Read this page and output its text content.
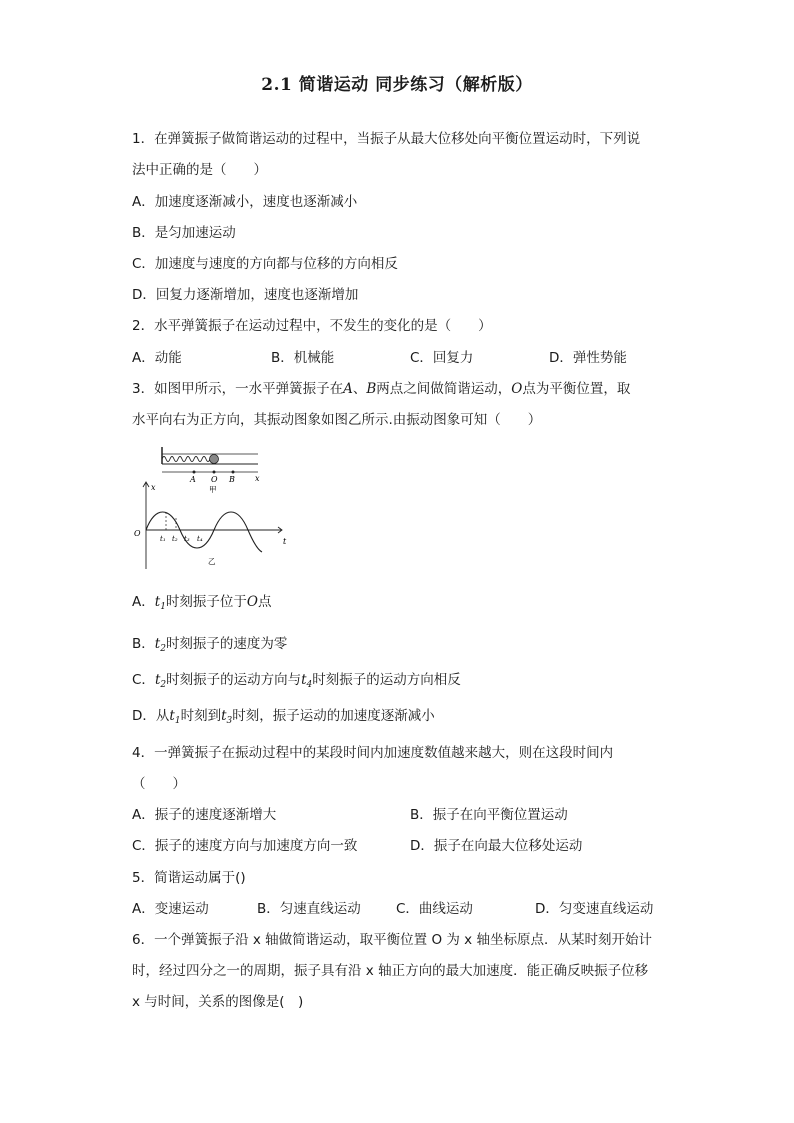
2.1 简谐运动 同步练习（解析版）
1．在弹簧振子做简谐运动的过程中，当振子从最大位移处向平衡位置运动时，下列说
法中正确的是（　　）
A．加速度逐渐减小，速度也逐渐减小
B．是匀加速运动
C．加速度与速度的方向都与位移的方向相反
D．回复力逐渐增加，速度也逐渐增加
2．水平弹簧振子在运动过程中，不发生的变化的是（　　）
A．动能	B．机械能	C．回复力	D．弹性势能
3．如图甲所示，一水平弹簧振子在A、B两点之间做简谐运动，O点为平衡位置，取
水平向右为正方向，其振动图象如图乙所示.由振动图象可知（　　）
A O B	x
甲
x
O
t
t₁ t₂ t₃ t₄
乙
A．$t_1$时刻振子位于O点
B．$t_2$时刻振子的速度为零
C．$t_2$时刻振子的运动方向与$t_4$时刻振子的运动方向相反
D．从$t_1$时刻到$t_3$时刻，振子运动的加速度逐渐减小
4．一弹簧振子在振动过程中的某段时间内加速度数值越来越大，则在这段时间内
（　　）
A．振子的速度逐渐增大	B．振子在向平衡位置运动
C．振子的速度方向与加速度方向一致	D．振子在向最大位移处运动
5．简谐运动属于()
A．变速运动	B．匀速直线运动	C．曲线运动	D．匀变速直线运动
6．一个弹簧振子沿 x 轴做简谐运动，取平衡位置 O 为 x 轴坐标原点．从某时刻开始计
时，经过四分之一的周期，振子具有沿 x 轴正方向的最大加速度．能正确反映振子位移
x 与时间，关系的图像是(　)
